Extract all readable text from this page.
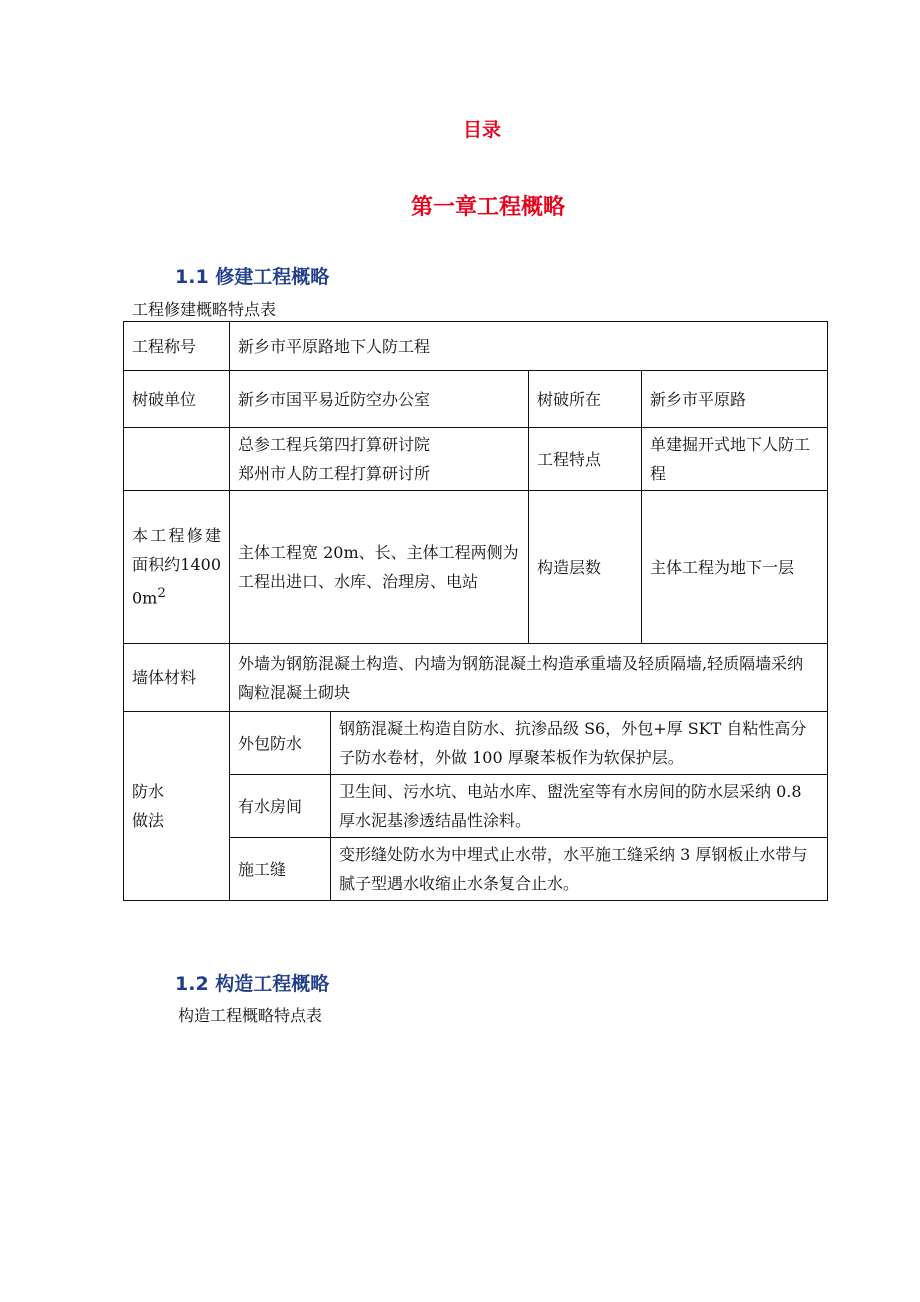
目录
第一章工程概略
1.1 修建工程概略

工程修建概略特点表

工程称号	新乡市平原路地下人防工程			
树破单位	新乡市国平易近防空办公室		树破所在	新乡市平原路

	总参工程兵第四打算研讨院
郑州市人防工程打算研讨所		工程特点	单建掘开式地下人防工程
本工程修建面积约$14000m^2$	主体工程宽 20m、长、主体工程两侧为工程出进口、水库、治理房、电站		构造层数	主体工程为地下一层
墙体材料	外墙为钢筋混凝土构造、内墙为钢筋混凝土构造承重墙及轻质隔墙,轻质隔墙采纳陶粒混凝土砌块			

防水
做法	外包防水	钢筋混凝土构造自防水、抗渗品级 S6，外包+厚 SKT 自粘性高分子防水卷材，外做 100 厚聚苯板作为软保护层。		
	有水房间	卫生间、污水坑、电站水库、盥洗室等有水房间的防水层采纳 0.8 厚水泥基渗透结晶性涂料。		
	施工缝	变形缝处防水为中埋式止水带，水平施工缝采纳 3 厚钢板止水带与腻子型遇水收缩止水条复合止水。		
1.2 构造工程概略

构造工程概略特点表
